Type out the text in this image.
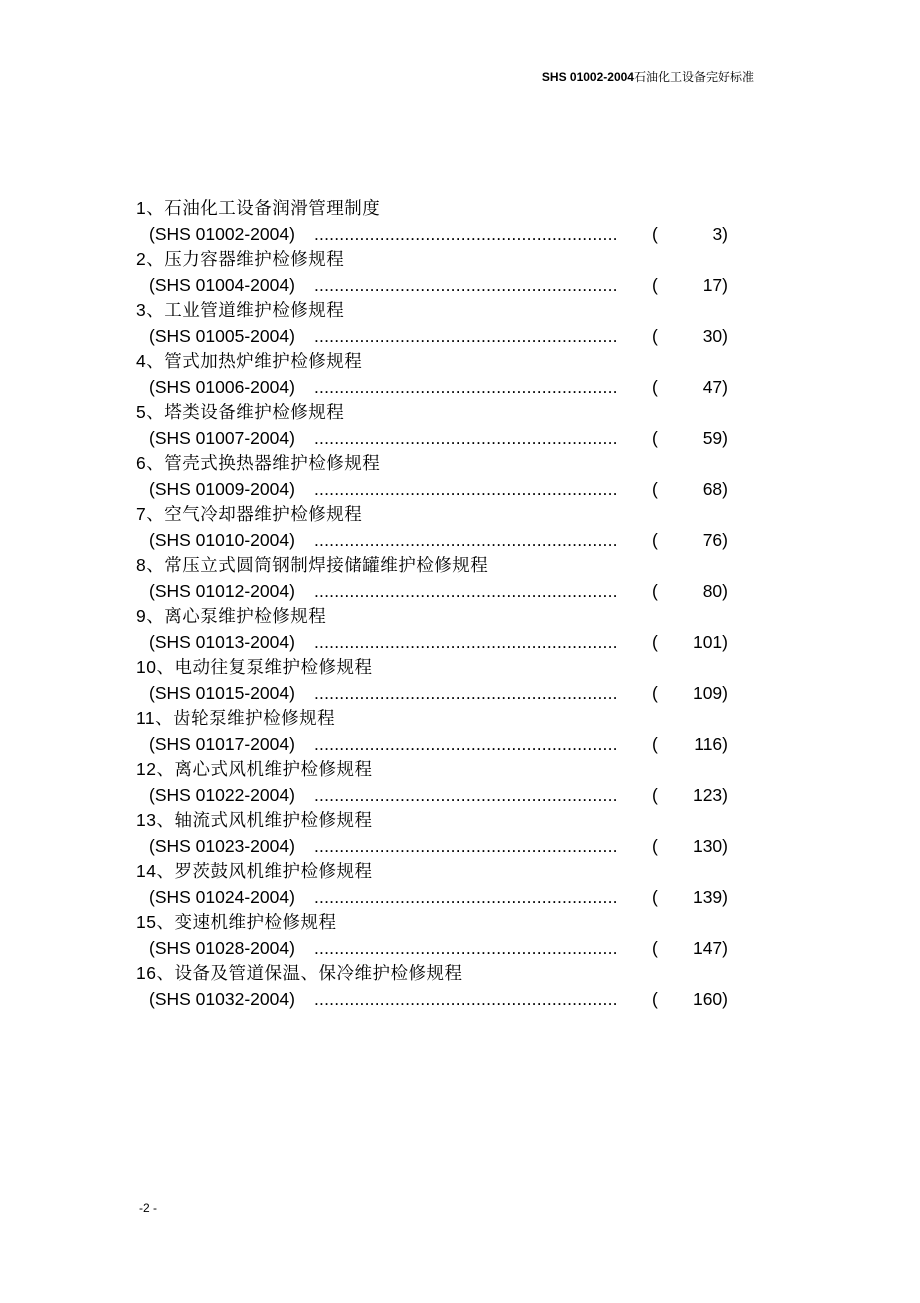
SHS 01002-2004石油化工设备完好标准
1、石油化工设备润滑管理制度
(SHS 01002-2004) ............................................................	(	3)
2、压力容器维护检修规程
(SHS 01004-2004) ............................................................	(	17)
3、工业管道维护检修规程
(SHS 01005-2004) ............................................................	(	30)
4、管式加热炉维护检修规程
(SHS 01006-2004) ............................................................	(	47)
5、塔类设备维护检修规程
(SHS 01007-2004) ............................................................	(	59)
6、管壳式换热器维护检修规程
(SHS 01009-2004) ............................................................	(	68)
7、空气冷却器维护检修规程
(SHS 01010-2004) ............................................................	(	76)
8、常压立式圆筒钢制焊接储罐维护检修规程
(SHS 01012-2004) ............................................................	(	80)
9、离心泵维护检修规程
(SHS 01013-2004) ............................................................	( 101)
10、电动往复泵维护检修规程
(SHS 01015-2004) ............................................................	( 109)
11、齿轮泵维护检修规程
(SHS 01017-2004) ............................................................	( 116)
12、离心式风机维护检修规程
(SHS 01022-2004) ............................................................	( 123)
13、轴流式风机维护检修规程
(SHS 01023-2004) ............................................................	( 130)
14、罗茨鼓风机维护检修规程
(SHS 01024-2004) ............................................................	( 139)
15、变速机维护检修规程
(SHS 01028-2004) ............................................................	( 147)
16、设备及管道保温、保冷维护检修规程
(SHS 01032-2004) ............................................................	( 160)
-2 -
